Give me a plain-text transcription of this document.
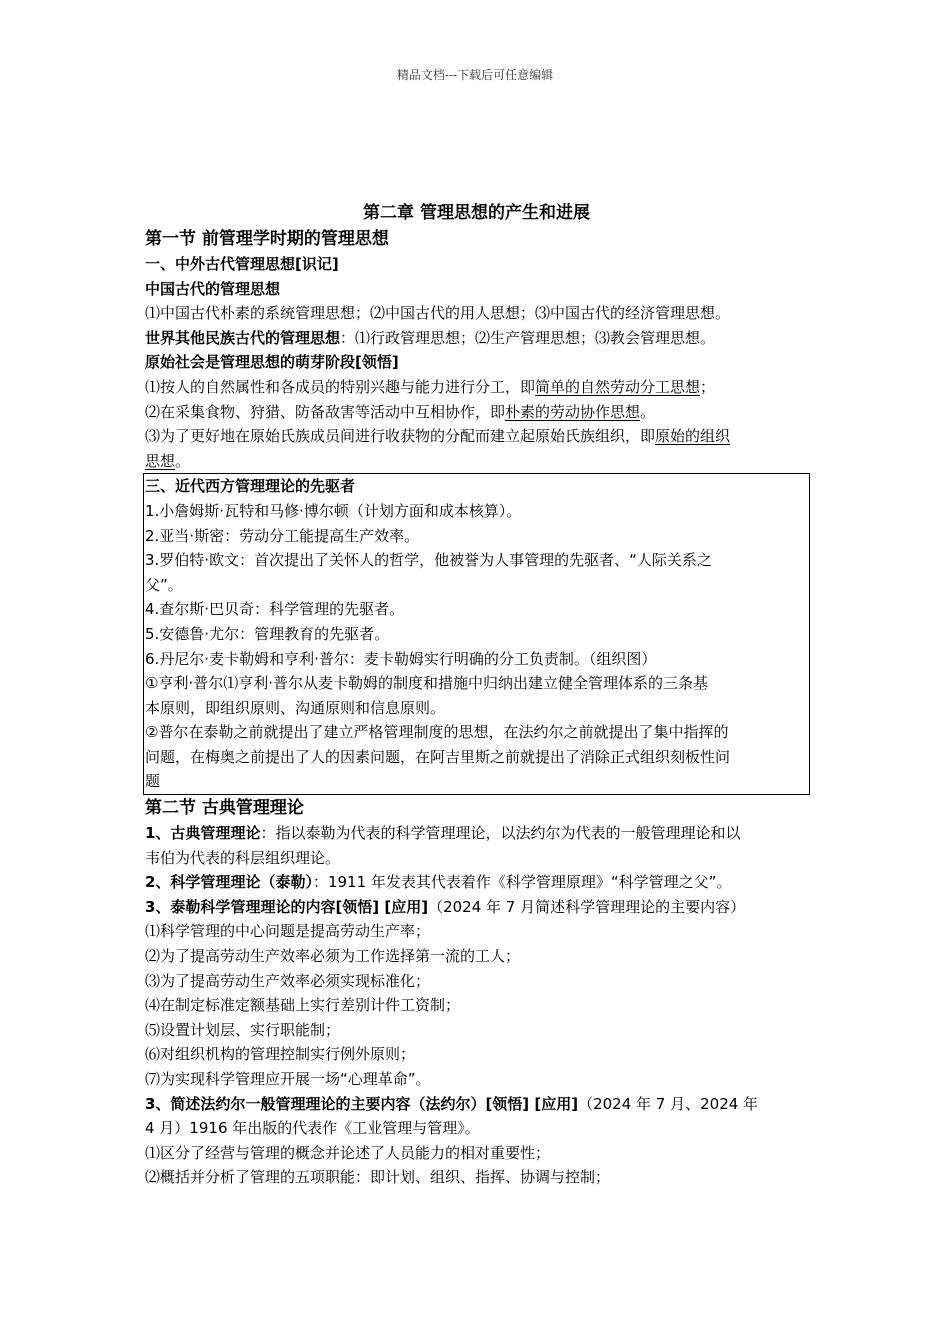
精品文档---下载后可任意编辑
第二章 管理思想的产生和进展
第一节 前管理学时期的管理思想
一、中外古代管理思想[识记]
中国古代的管理思想
⑴中国古代朴素的系统管理思想；⑵中国古代的用人思想；⑶中国古代的经济管理思想。
世界其他民族古代的管理思想：⑴行政管理思想；⑵生产管理思想；⑶教会管理思想。
原始社会是管理思想的萌芽阶段[领悟]
⑴按人的自然属性和各成员的特别兴趣与能力进行分工，即简单的自然劳动分工思想；
⑵在采集食物、狩猎、防备敌害等活动中互相协作，即朴素的劳动协作思想。
⑶为了更好地在原始氏族成员间进行收获物的分配而建立起原始氏族组织，即原始的组织
思想。
三、近代西方管理理论的先驱者
1.小詹姆斯·瓦特和马修·博尔顿（计划方面和成本核算）。
2.亚当·斯密：劳动分工能提高生产效率。
3.罗伯特·欧文：首次提出了关怀人的哲学，他被誉为人事管理的先驱者、“人际关系之
父”。
4.查尔斯·巴贝奇：科学管理的先驱者。
5.安德鲁·尤尔：管理教育的先驱者。
6.丹尼尔·麦卡勒姆和亨利·普尔：麦卡勒姆实行明确的分工负责制。（组织图）
①亨利·普尔⑴亨利·普尔从麦卡勒姆的制度和措施中归纳出建立健全管理体系的三条基
本原则，即组织原则、沟通原则和信息原则。
②普尔在泰勒之前就提出了建立严格管理制度的思想，在法约尔之前就提出了集中指挥的
问题，在梅奥之前提出了人的因素问题，在阿吉里斯之前就提出了消除正式组织刻板性问
题
第二节 古典管理理论
1、古典管理理论：指以泰勒为代表的科学管理理论，以法约尔为代表的一般管理理论和以
韦伯为代表的科层组织理论。
2、科学管理理论（泰勒）：1911 年发表其代表着作《科学管理原理》“科学管理之父”。
3、泰勒科学管理理论的内容[领悟] [应用]（2024 年 7 月简述科学管理理论的主要内容）
⑴科学管理的中心问题是提高劳动生产率；
⑵为了提高劳动生产效率必须为工作选择第一流的工人；
⑶为了提高劳动生产效率必须实现标准化；
⑷在制定标准定额基础上实行差别计件工资制；
⑸设置计划层、实行职能制；
⑹对组织机构的管理控制实行例外原则；
⑺为实现科学管理应开展一场“心理革命”。
3、简述法约尔一般管理理论的主要内容（法约尔）[领悟] [应用]（2024 年 7 月、2024 年
4 月）1916 年出版的代表作《工业管理与管理》。
⑴区分了经营与管理的概念并论述了人员能力的相对重要性；
⑵概括并分析了管理的五项职能：即计划、组织、指挥、协调与控制；
